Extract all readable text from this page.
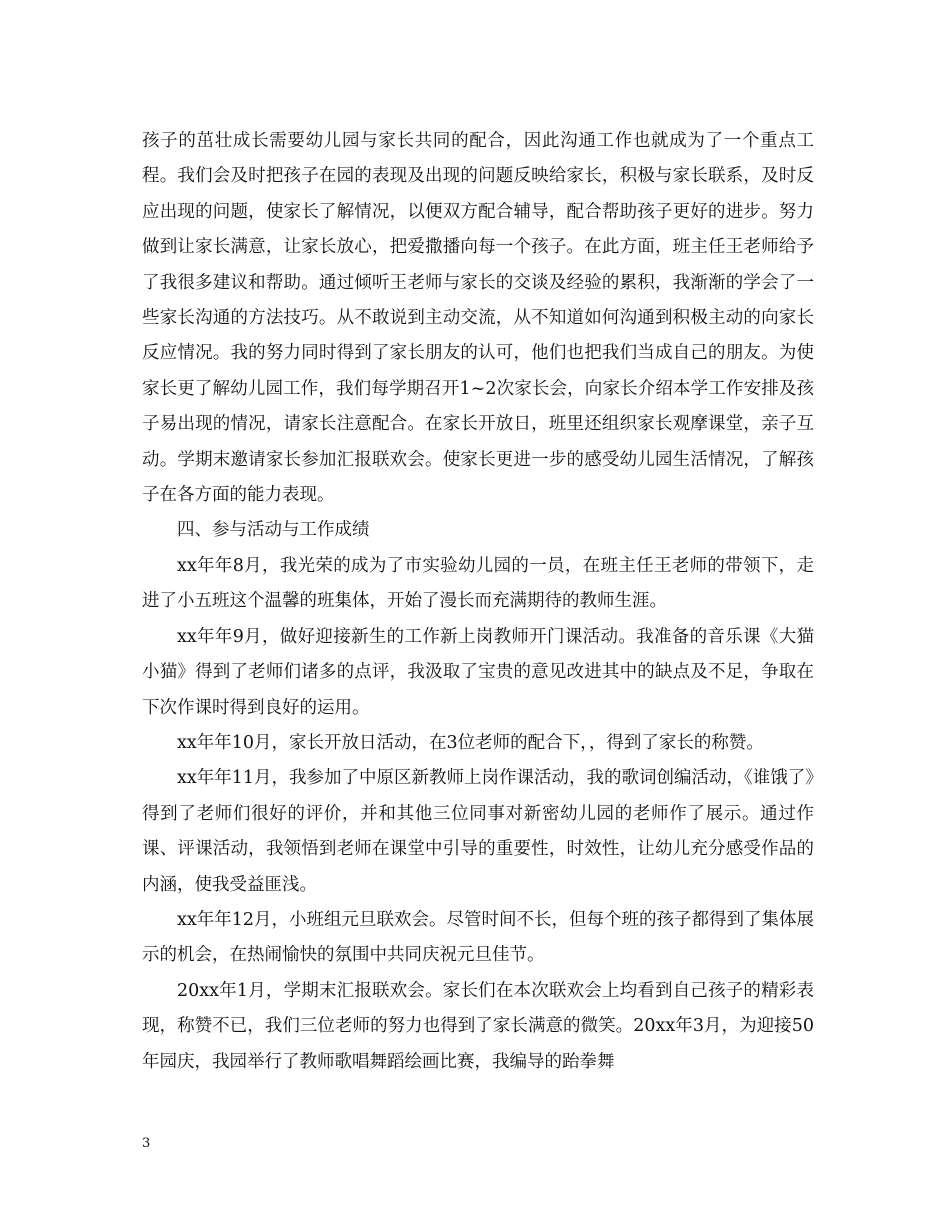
孩子的茁壮成长需要幼儿园与家长共同的配合，因此沟通工作也就成为了一个重点工程。我们会及时把孩子在园的表现及出现的问题反映给家长，积极与家长联系，及时反应出现的问题，使家长了解情况，以便双方配合辅导，配合帮助孩子更好的进步。努力做到让家长满意，让家长放心，把爱撒播向每一个孩子。在此方面，班主任王老师给予了我很多建议和帮助。通过倾听王老师与家长的交谈及经验的累积，我渐渐的学会了一些家长沟通的方法技巧。从不敢说到主动交流，从不知道如何沟通到积极主动的向家长反应情况。我的努力同时得到了家长朋友的认可，他们也把我们当成自己的朋友。为使家长更了解幼儿园工作，我们每学期召开1~2次家长会，向家长介绍本学工作安排及孩子易出现的情况，请家长注意配合。在家长开放日，班里还组织家长观摩课堂，亲子互动。学期末邀请家长参加汇报联欢会。使家长更进一步的感受幼儿园生活情况，了解孩子在各方面的能力表现。

四、参与活动与工作成绩

xx年年8月，我光荣的成为了市实验幼儿园的一员，在班主任王老师的带领下，走进了小五班这个温馨的班集体，开始了漫长而充满期待的教师生涯。

xx年年9月，做好迎接新生的工作新上岗教师开门课活动。我准备的音乐课《大猫小猫》得到了老师们诸多的点评，我汲取了宝贵的意见改进其中的缺点及不足，争取在下次作课时得到良好的运用。

xx年年10月，家长开放日活动，在3位老师的配合下，，得到了家长的称赞。

xx年年11月，我参加了中原区新教师上岗作课活动，我的歌词创编活动，《谁饿了》得到了老师们很好的评价，并和其他三位同事对新密幼儿园的老师作了展示。通过作课、评课活动，我领悟到老师在课堂中引导的重要性，时效性，让幼儿充分感受作品的内涵，使我受益匪浅。

xx年年12月，小班组元旦联欢会。尽管时间不长，但每个班的孩子都得到了集体展示的机会，在热闹愉快的氛围中共同庆祝元旦佳节。

20xx年1月，学期末汇报联欢会。家长们在本次联欢会上均看到自己孩子的精彩表现，称赞不已，我们三位老师的努力也得到了家长满意的微笑。20xx年3月，为迎接50年园庆，我园举行了教师歌唱舞蹈绘画比赛，我编导的跆拳舞

3
